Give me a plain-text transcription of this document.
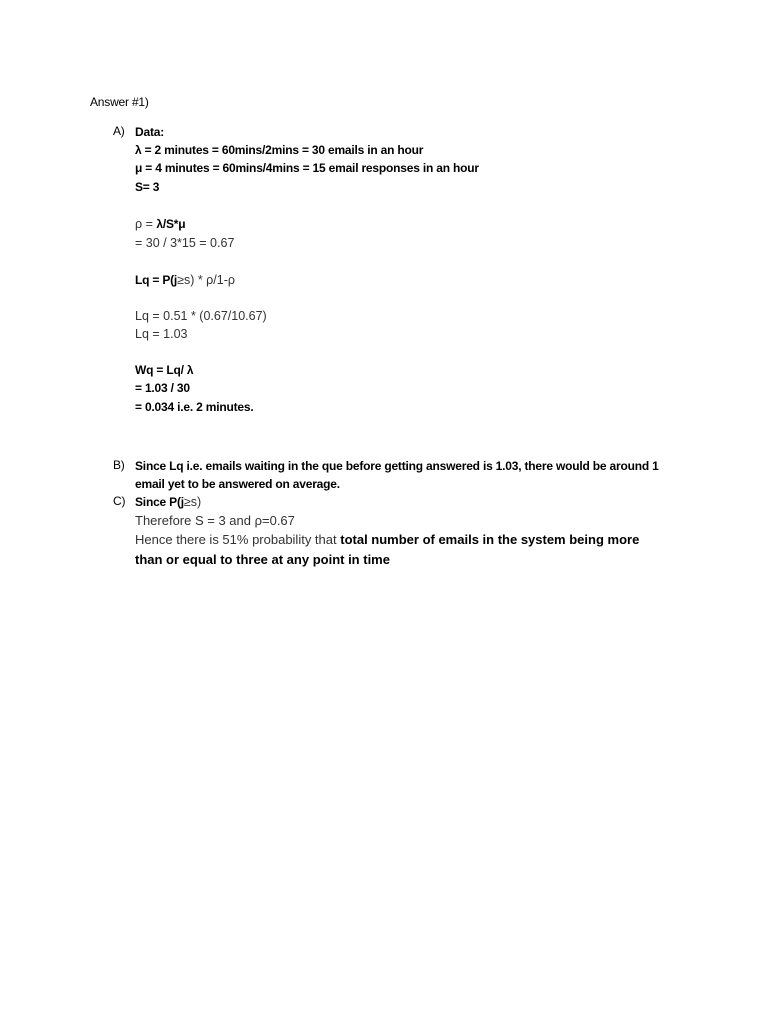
Answer #1)
A) Data:
λ = 2 minutes = 60mins/2mins = 30 emails in an hour
μ = 4 minutes = 60mins/4mins = 15 email responses in an hour
S= 3
ρ = λ/S*μ
= 30 / 3*15 = 0.67
Lq = P(j≥s) * ρ/1-ρ
Lq = 0.51 * (0.67/10.67)
Lq = 1.03
Wq = Lq/ λ
= 1.03 / 30
= 0.034 i.e. 2 minutes.
B) Since Lq i.e. emails waiting in the que before getting answered is 1.03, there would be around 1
email yet to be answered on average.
C) Since P(j≥s)
Therefore S = 3 and ρ=0.67
Hence there is 51% probability that total number of emails in the system being more
than or equal to three at any point in time
